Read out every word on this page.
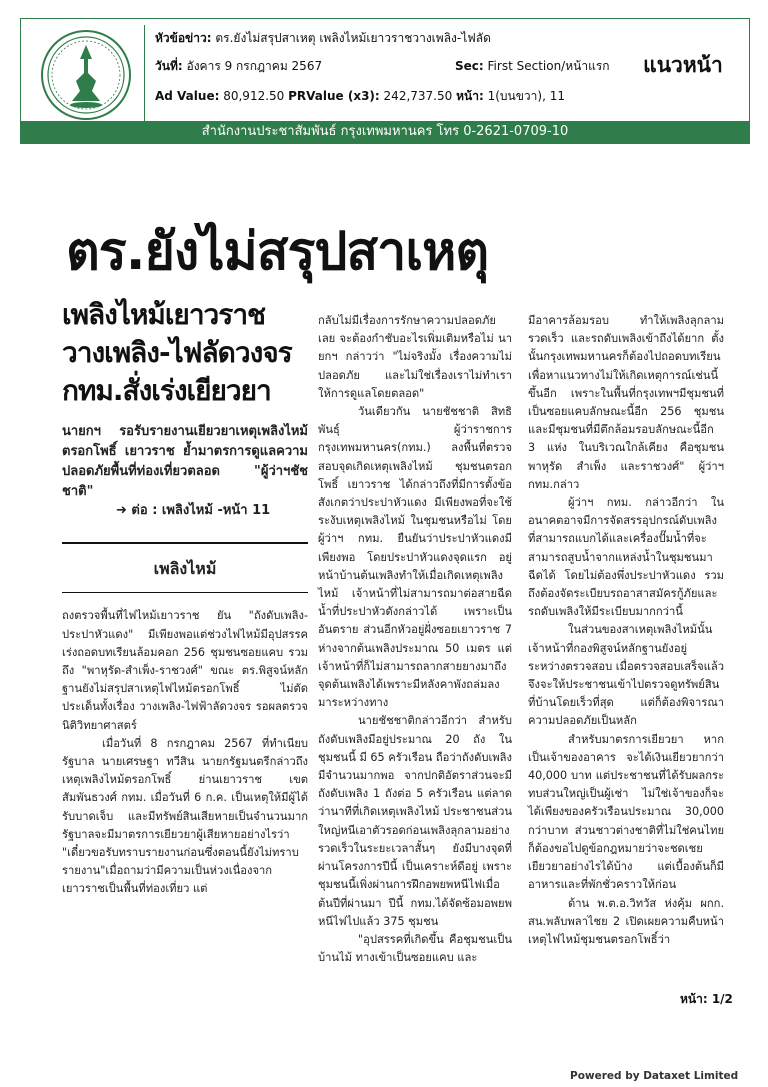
หัวข้อข่าว: ตร.ยังไม่สรุปสาเหตุ เพลิงไหม้เยาวราชวางเพลิง-ไฟลัด
วันที่: อังคาร 9 กรกฎาคม 2567	Sec: First Section/หน้าแรก
Ad Value: 80,912.50 PRValue (x3): 242,737.50 หน้า: 1(บนขวา), 11
แนวหน้า
สำนักงานประชาสัมพันธ์ กรุงเทพมหานคร โทร 0-2621-0709-10
ตร.ยังไม่สรุปสาเหตุ
เพลิงไหม้เยาวราช
วางเพลิง-ไฟลัดวงจร
กทม.สั่งเร่งเยียวยา

นายกฯ รอรับรายงานเยียวยาเหตุเพลิงไหม้ ตรอกโพธิ์ เยาวราช ย้ำมาตรการดูแลความปลอดภัยพื้นที่ท่องเที่ยวตลอด "ผู้ว่าฯชัชชาติ"

➜ ต่อ : เพลิงไหม้ -หน้า 11

เพลิงไหม้

ถงตรวจพื้นที่ไฟไหม้เยาวราช ยัน "ถังดับเพลิง-ประปาหัวแดง" มีเพียงพอแต่ช่วงไฟไหม้มีอุปสรรค เร่งถอดบทเรียนล้อมคอก 256 ชุมชนซอยแคบ รวมถึง "พาหุรัด-สำเพ็ง-ราชวงศ์" ขณะ ตร.พิสูจน์หลักฐานยังไม่สรุปสาเหตุไฟไหม้ตรอกโพธิ์ ไม่ตัดประเด็นทั้งเรื่อง วางเพลิง-ไฟฟ้าลัดวงจร รอผลตรวจนิติวิทยาศาสตร์

เมื่อวันที่ 8 กรกฎาคม 2567 ที่ทำเนียบรัฐบาล นายเศรษฐา ทวีสิน นายกรัฐมนตรีกล่าวถึงเหตุเพลิงไหม้ตรอกโพธิ์ ย่านเยาวราช เขตสัมพันธวงศ์ กทม. เมื่อวันที่ 6 ก.ค. เป็นเหตุให้มีผู้ได้รับบาดเจ็บ และมีทรัพย์สินเสียหายเป็นจำนวนมาก รัฐบาลจะมีมาตรการเยียวยาผู้เสียหายอย่างไรว่า "เดี๋ยวขอรับทราบรายงานก่อนซึ่งตอนนี้ยังไม่ทราบรายงาน"เมื่อถามว่ามีความเป็นห่วงเนื่องจากเยาวราชเป็นพื้นที่ท่องเที่ยว แต่

กลับไม่มีเรื่องการรักษาความปลอดภัยเลย จะต้องกำชับอะไรเพิ่มเติมหรือไม่ นายกฯ กล่าวว่า "ไม่จริงมั้ง เรื่องความไม่ปลอดภัย และไม่ใช่เรื่องเราไม่ทำเราให้การดูแลโดยตลอด"

วันเดียวกัน นายชัชชาติ สิทธิพันธุ์ ผู้ว่าราชการกรุงเทพมหานคร(กทม.) ลงพื้นที่ตรวจสอบจุดเกิดเหตุเพลิงไหม้ ชุมชนตรอกโพธิ์ เยาวราช ได้กล่าวถึงที่มีการตั้งข้อสังเกตว่าประปาหัวแดง มีเพียงพอที่จะใช้ระงับเหตุเพลิงไหม้ ในชุมชนหรือไม่ โดยผู้ว่าฯ กทม. ยืนยันว่าประปาหัวแดงมีเพียงพอ โดยประปาหัวแดงจุดแรก อยู่หน้าบ้านต้นเพลิงทำให้เมื่อเกิดเหตุเพลิงไหม้ เจ้าหน้าที่ไม่สามารถมาต่อสายฉีดน้ำที่ประปาหัวดังกล่าวได้ เพราะเป็นอันตราย ส่วนอีกหัวอยู่ฝั่งซอยเยาวราช 7 ห่างจากต้นเพลิงประมาณ 50 เมตร แต่เจ้าหน้าที่ก็ไม่สามารถลากสายยางมาถึงจุดต้นเพลิงได้เพราะมีหลังคาพังถล่มลงมาระหว่างทาง

นายชัชชาติกล่าวอีกว่า สำหรับถังดับเพลิงมีอยู่ประมาณ 20 ถัง ในชุมชนนี้ มี 65 ครัวเรือน ถือว่าถังดับเพลิงมีจำนวนมากพอ จากปกติอัตราส่วนจะมีถังดับเพลิง 1 ถังต่อ 5 ครัวเรือน แต่ลาดว่านาทีที่เกิดเหตุเพลิงไหม้ ประชาชนส่วนใหญ่หนีเอาตัวรอดก่อนเพลิงลุกลามอย่างรวดเร็วในระยะเวลาสั้นๆ ยังมีบางจุดที่ผ่านโครงการปีนี้ เป็นเคราะห์ดีอยู่ เพราะชุมชนนี้เพิ่งผ่านการฝึกอพยพหนีไฟเมื่อต้นปีที่ผ่านมา ปีนี้ กทม.ได้จัดซ้อมอพยพหนีไฟไปแล้ว 375 ชุมชน

"อุปสรรคที่เกิดขึ้น คือชุมชนเป็นบ้านไม้ ทางเข้าเป็นซอยแคบ และ

มีอาคารล้อมรอบ ทำให้เพลิงลุกลามรวดเร็ว และรถดับเพลิงเข้าถึงได้ยาก ตั้งนั้นกรุงเทพมหานครก็ต้องไปถอดบทเรียน เพื่อหาแนวทางไม่ให้เกิดเหตุการณ์เช่นนี้ขึ้นอีก เพราะในพื้นที่กรุงเทพฯมีชุมชนที่เป็นซอยแคบลักษณะนี้อีก 256 ชุมชน และมีชุมชนที่มีตึกล้อมรอบลักษณะนี้อีก 3 แห่ง ในบริเวณใกล้เคียง คือชุมชนพาหุรัด สำเพ็ง และราชวงศ์" ผู้ว่าฯ กทม.กล่าว

ผู้ว่าฯ กทม. กล่าวอีกว่า ในอนาคตอาจมีการจัดสรรอุปกรณ์ดับเพลิงที่สามารถแบกได้และเครื่องปั๊มน้ำที่จะสามารถสูบน้ำจากแหล่งน้ำในชุมชนมาฉีดได้ โดยไม่ต้องพึ่งประปาหัวแดง รวมถึงต้องจัดระเบียบรถอาสาสมัครกู้ภัยและรถดับเพลิงให้มีระเบียบมากกว่านี้

ในส่วนของสาเหตุเพลิงไหม้นั้น เจ้าหน้าที่กองพิสูจน์หลักฐานยังอยู่ระหว่างตรวจสอบ เมื่อตรวจสอบเสร็จแล้วจึงจะให้ประชาชนเข้าไปตรวจดูทรัพย์สินที่บ้านโดยเร็วที่สุด แต่ก็ต้องพิจารณาความปลอดภัยเป็นหลัก

สำหรับมาตรการเยียวยา หากเป็นเจ้าของอาคาร จะได้เงินเยียวยากว่า 40,000 บาท แต่ประชาชนที่ได้รับผลกระทบส่วนใหญ่เป็นผู้เช่า ไม่ใช่เจ้าของก็จะได้เพียงของครัวเรือนประมาณ 30,000 กว่าบาท ส่วนชาวต่างชาติที่ไม่ใช่คนไทย ก็ต้องขอไปดูข้อกฎหมายว่าจะชดเชยเยียวยาอย่างไรได้บ้าง แต่เบื้องต้นก็มีอาหารและที่พักชั่วคราวให้ก่อน

ด้าน พ.ต.อ.วิทวัส ห่งคุ้ม ผกก. สน.พลับพลาไชย 2 เปิดเผยความคืบหน้าเหตุไฟไหม้ชุมชนตรอกโพธิ์ว่า

หน้า: 1/2
Powered by Dataxet Limited
